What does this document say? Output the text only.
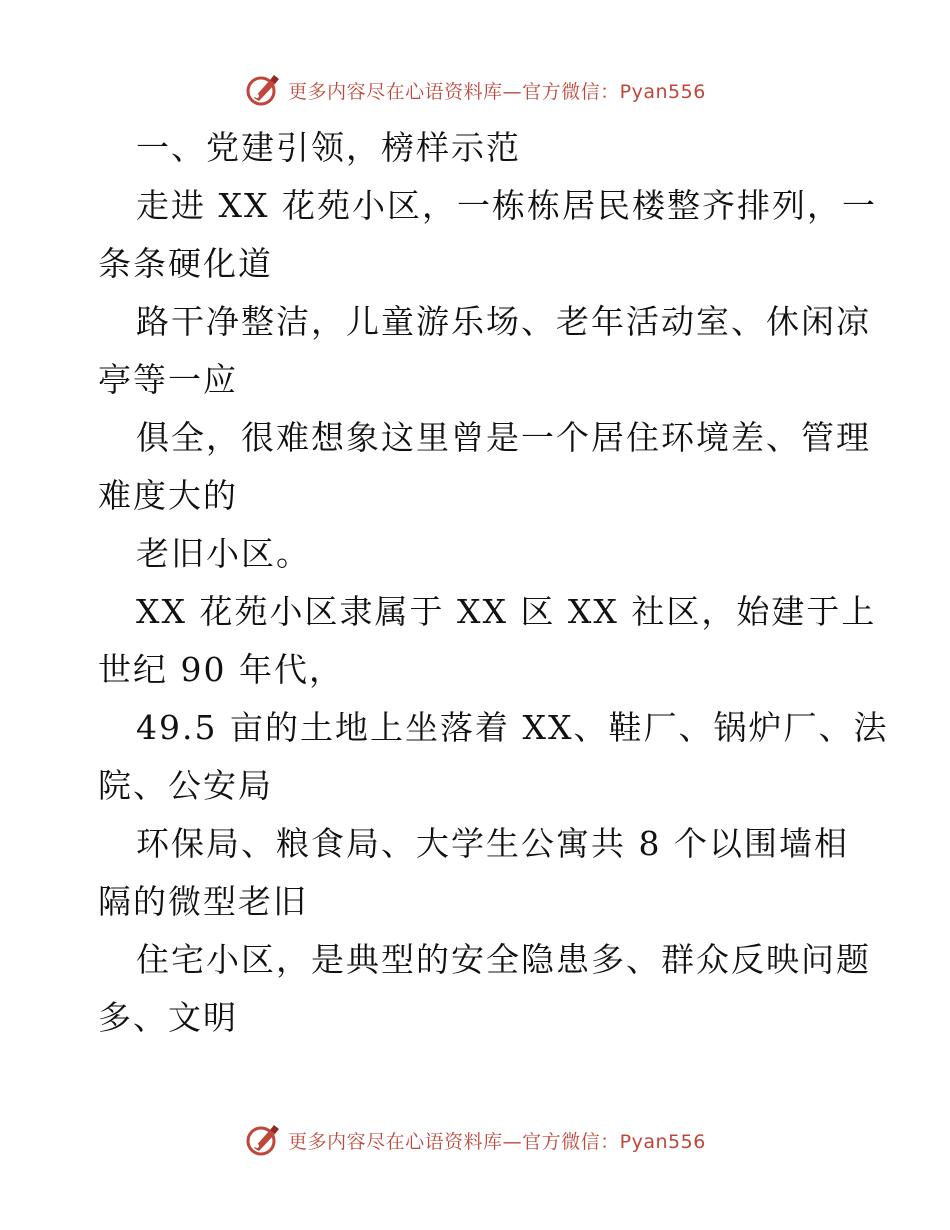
更多内容尽在心语资料库—官方微信：Pyan556
一、党建引领，榜样示范
走进 XX 花苑小区，一栋栋居民楼整齐排列，一
条条硬化道
路干净整洁，儿童游乐场、老年活动室、休闲凉
亭等一应
俱全，很难想象这里曾是一个居住环境差、管理
难度大的
老旧小区。
XX 花苑小区隶属于 XX 区 XX 社区，始建于上
世纪 90 年代，
49.5 亩的土地上坐落着 XX、鞋厂、锅炉厂、法
院、公安局
环保局、粮食局、大学生公寓共 8 个以围墙相
隔的微型老旧
住宅小区，是典型的安全隐患多、群众反映问题
多、文明
更多内容尽在心语资料库—官方微信：Pyan556
